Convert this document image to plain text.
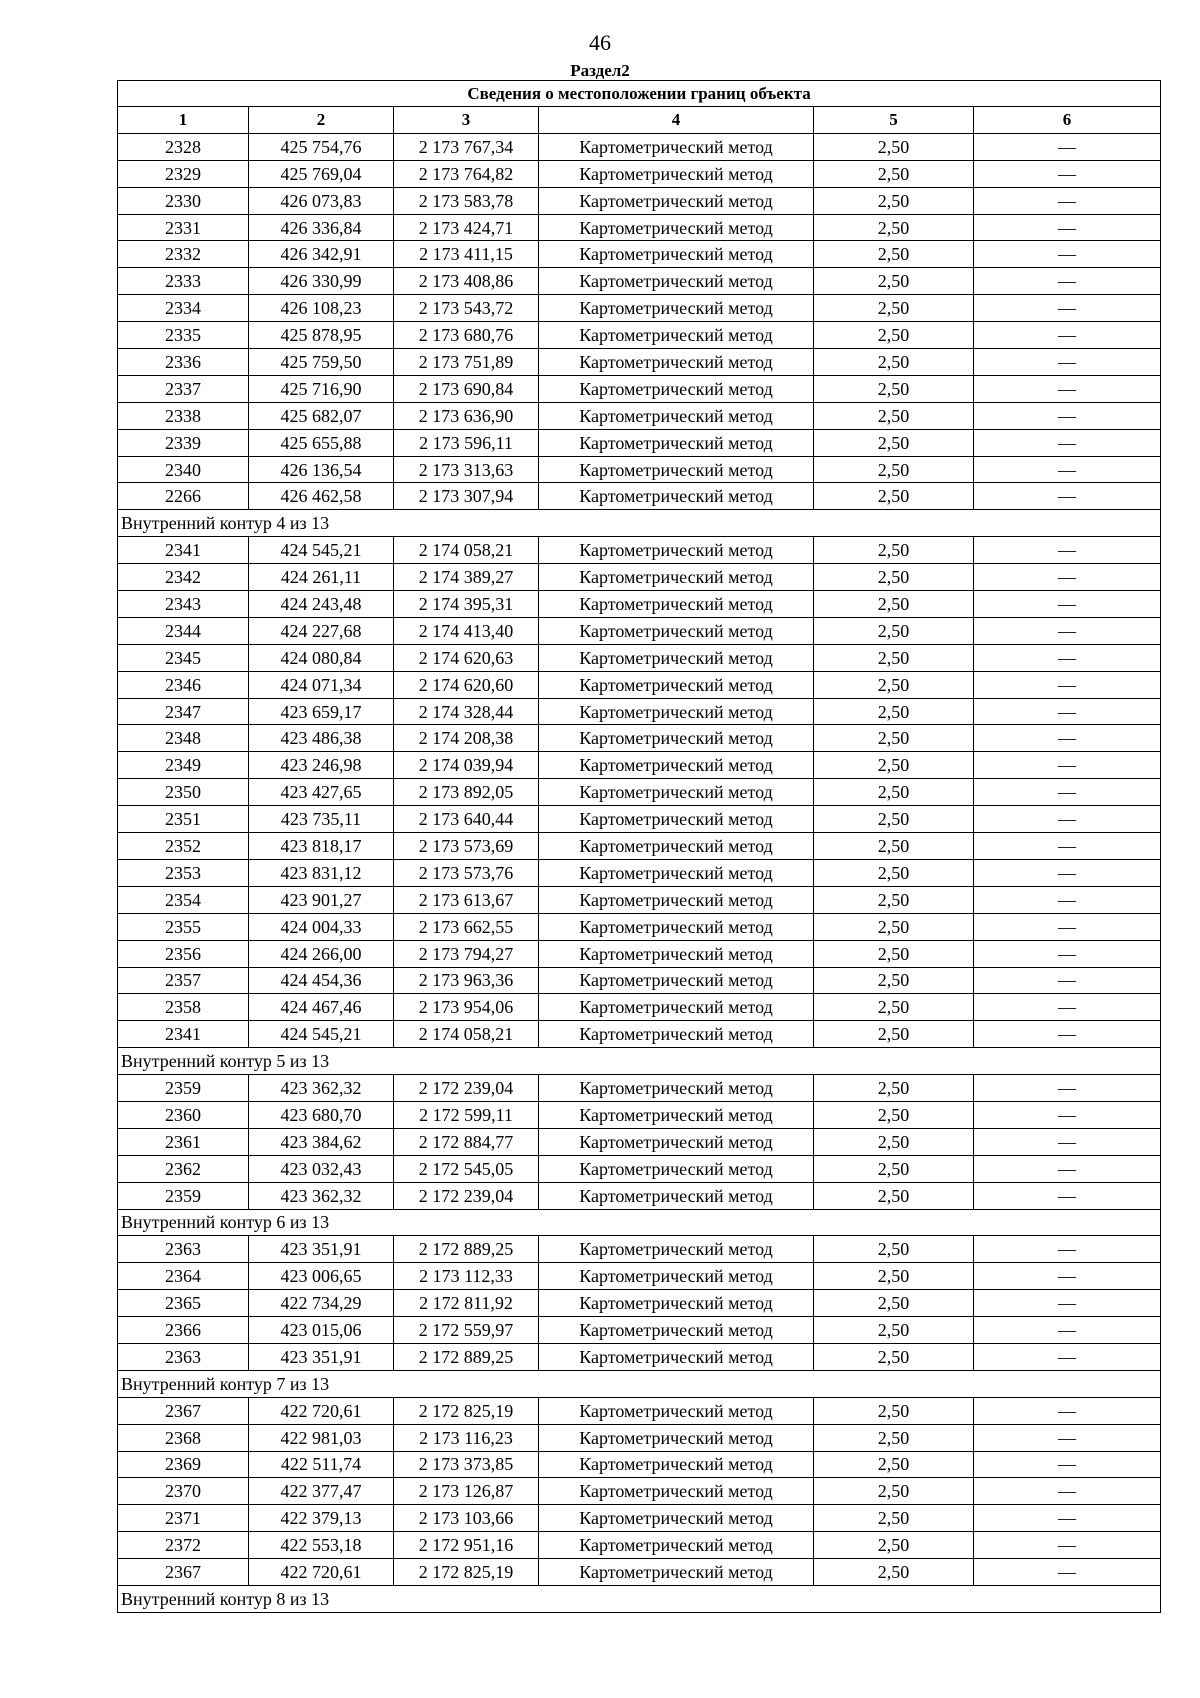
46
Раздел2
Сведения о местоположении границ объекта					
1	2	3	4	5	6
2328	425 754,76	2 173 767,34	Картометрический метод	2,50	—
2329	425 769,04	2 173 764,82	Картометрический метод	2,50	—
2330	426 073,83	2 173 583,78	Картометрический метод	2,50	—
2331	426 336,84	2 173 424,71	Картометрический метод	2,50	—
2332	426 342,91	2 173 411,15	Картометрический метод	2,50	—
2333	426 330,99	2 173 408,86	Картометрический метод	2,50	—
2334	426 108,23	2 173 543,72	Картометрический метод	2,50	—
2335	425 878,95	2 173 680,76	Картометрический метод	2,50	—
2336	425 759,50	2 173 751,89	Картометрический метод	2,50	—
2337	425 716,90	2 173 690,84	Картометрический метод	2,50	—
2338	425 682,07	2 173 636,90	Картометрический метод	2,50	—
2339	425 655,88	2 173 596,11	Картометрический метод	2,50	—
2340	426 136,54	2 173 313,63	Картометрический метод	2,50	—
2266	426 462,58	2 173 307,94	Картометрический метод	2,50	—
Внутренний контур 4 из 13					
2341	424 545,21	2 174 058,21	Картометрический метод	2,50	—
2342	424 261,11	2 174 389,27	Картометрический метод	2,50	—
2343	424 243,48	2 174 395,31	Картометрический метод	2,50	—
2344	424 227,68	2 174 413,40	Картометрический метод	2,50	—
2345	424 080,84	2 174 620,63	Картометрический метод	2,50	—
2346	424 071,34	2 174 620,60	Картометрический метод	2,50	—
2347	423 659,17	2 174 328,44	Картометрический метод	2,50	—
2348	423 486,38	2 174 208,38	Картометрический метод	2,50	—
2349	423 246,98	2 174 039,94	Картометрический метод	2,50	—
2350	423 427,65	2 173 892,05	Картометрический метод	2,50	—
2351	423 735,11	2 173 640,44	Картометрический метод	2,50	—
2352	423 818,17	2 173 573,69	Картометрический метод	2,50	—
2353	423 831,12	2 173 573,76	Картометрический метод	2,50	—
2354	423 901,27	2 173 613,67	Картометрический метод	2,50	—
2355	424 004,33	2 173 662,55	Картометрический метод	2,50	—
2356	424 266,00	2 173 794,27	Картометрический метод	2,50	—
2357	424 454,36	2 173 963,36	Картометрический метод	2,50	—
2358	424 467,46	2 173 954,06	Картометрический метод	2,50	—
2341	424 545,21	2 174 058,21	Картометрический метод	2,50	—
Внутренний контур 5 из 13					
2359	423 362,32	2 172 239,04	Картометрический метод	2,50	—
2360	423 680,70	2 172 599,11	Картометрический метод	2,50	—
2361	423 384,62	2 172 884,77	Картометрический метод	2,50	—
2362	423 032,43	2 172 545,05	Картометрический метод	2,50	—
2359	423 362,32	2 172 239,04	Картометрический метод	2,50	—
Внутренний контур 6 из 13					
2363	423 351,91	2 172 889,25	Картометрический метод	2,50	—
2364	423 006,65	2 173 112,33	Картометрический метод	2,50	—
2365	422 734,29	2 172 811,92	Картометрический метод	2,50	—
2366	423 015,06	2 172 559,97	Картометрический метод	2,50	—
2363	423 351,91	2 172 889,25	Картометрический метод	2,50	—
Внутренний контур 7 из 13					
2367	422 720,61	2 172 825,19	Картометрический метод	2,50	—
2368	422 981,03	2 173 116,23	Картометрический метод	2,50	—
2369	422 511,74	2 173 373,85	Картометрический метод	2,50	—
2370	422 377,47	2 173 126,87	Картометрический метод	2,50	—
2371	422 379,13	2 173 103,66	Картометрический метод	2,50	—
2372	422 553,18	2 172 951,16	Картометрический метод	2,50	—
2367	422 720,61	2 172 825,19	Картометрический метод	2,50	—
Внутренний контур 8 из 13					
